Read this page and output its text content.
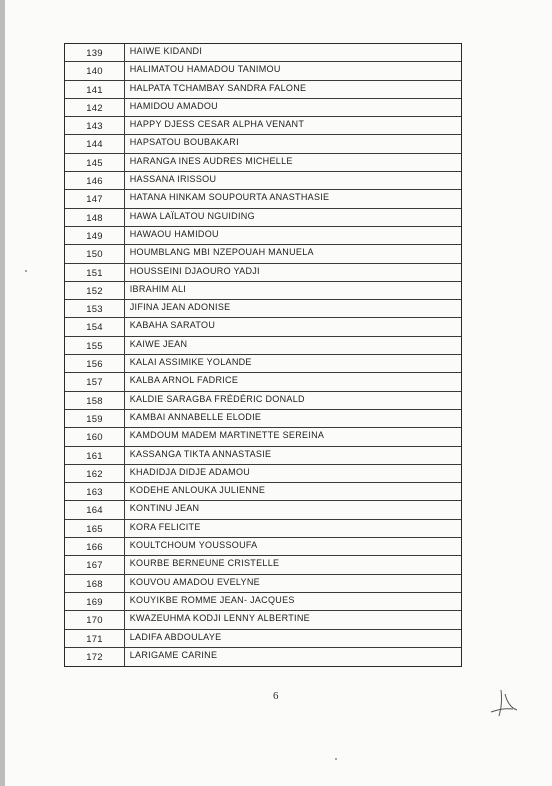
139	HAIWE KIDANDI
140	HALIMATOU HAMADOU TANIMOU
141	HALPATA TCHAMBAY SANDRA FALONE
142	HAMIDOU AMADOU
143	HAPPY DJESS CESAR ALPHA VENANT
144	HAPSATOU BOUBAKARI
145	HARANGA INES AUDRES MICHELLE
146	HASSANA IRISSOU
147	HATANA HINKAM SOUPOURTA ANASTHASIE
148	HAWA LAÏLATOU NGUIDING
149	HAWAOU HAMIDOU
150	HOUMBLANG MBI NZEPOUAH MANUELA
151	HOUSSEINI DJAOURO YADJI
152	IBRAHIM ALI
153	JIFINA JEAN ADONISE
154	KABAHA SARATOU
155	KAIWE JEAN
156	KALAI ASSIMIKE YOLANDE
157	KALBA ARNOL FADRICE
158	KALDIE SARAGBA FRÉDÉRIC DONALD
159	KAMBAI ANNABELLE ELODIE
160	KAMDOUM MADEM MARTINETTE SEREINA
161	KASSANGA TIKTA ANNASTASIE
162	KHADIDJA DIDJE ADAMOU
163	KODEHE ANLOUKA JULIENNE
164	KONTINU JEAN
165	KORA FELICITE
166	KOULTCHOUM YOUSSOUFA
167	KOURBE BERNEUNE CRISTELLE
168	KOUVOU AMADOU EVELYNE
169	KOUYIKBE ROMME JEAN- JACQUES
170	KWAZEUHMA KODJI LENNY ALBERTINE
171	LADIFA ABDOULAYE
172	LARIGAME CARINE
6
